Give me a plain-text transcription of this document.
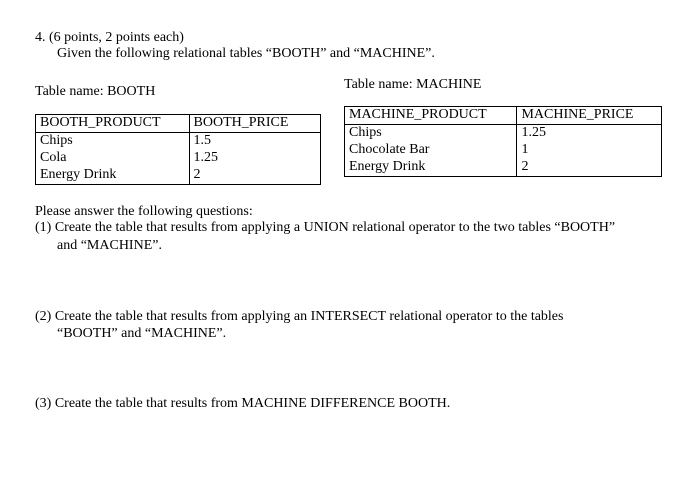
4. (6 points, 2 points each)
Given the following relational tables “BOOTH” and “MACHINE”.
Table name: BOOTH	Table name: MACHINE
BOOTH_PRODUCT	BOOTH_PRICE
Chips	1.5
Cola	1.25
Energy Drink	2
MACHINE_PRODUCT	MACHINE_PRICE
Chips	1.25
Chocolate Bar	1
Energy Drink	2
Please answer the following questions:
(1) Create the table that results from applying a UNION relational operator to the two tables “BOOTH”
and “MACHINE”.
(2) Create the table that results from applying an INTERSECT relational operator to the tables
“BOOTH” and “MACHINE”.
(3) Create the table that results from MACHINE DIFFERENCE BOOTH.
